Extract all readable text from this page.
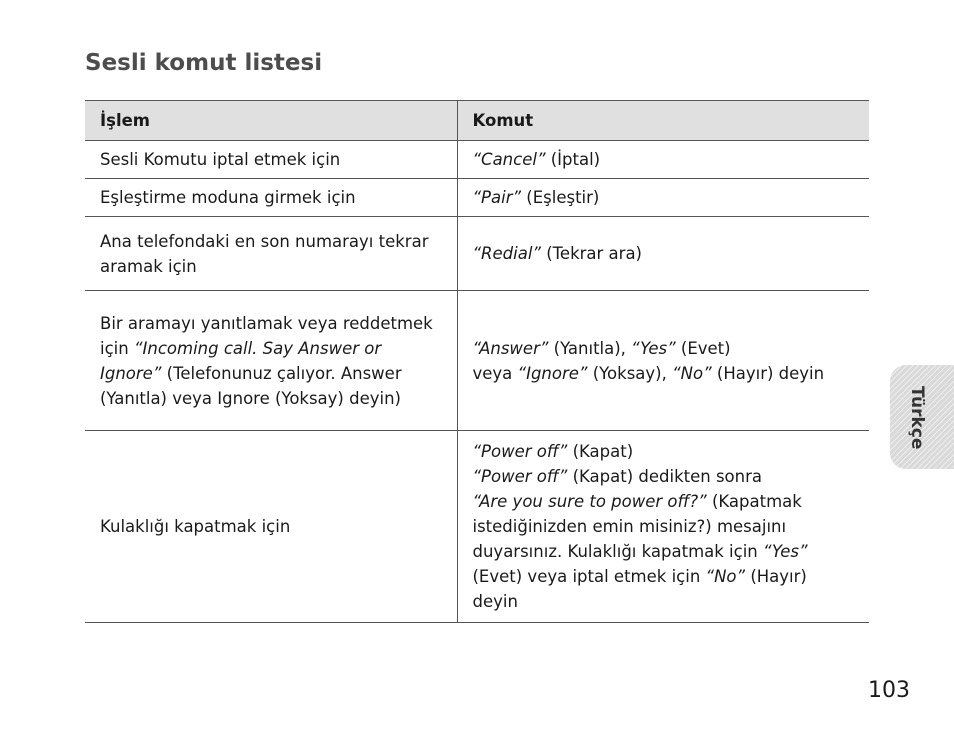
Sesli komut listesi
İşlem	Komut
Sesli Komutu iptal etmek için	“Cancel” (İptal)

Eşleştirme moduna girmek için	“Pair” (Eşleştir)

Ana telefondaki en son numarayı tekrar aramak için	“Redial” (Tekrar ara)

Bir aramayı yanıtlamak veya reddetmek için “Incoming call. Say Answer or Ignore” (Telefonunuz çalıyor. Answer (Yanıtla) veya Ignore (Yoksay) deyin)	“Answer” (Yanıtla), “Yes” (Evet)
veya “Ignore” (Yoksay), “No” (Hayır) deyin

Kulaklığı kapatmak için	“Power off” (Kapat)
“Power off” (Kapat) dedikten sonra
“Are you sure to power off?” (Kapatmak istediğinizden emin misiniz?) mesajını duyarsınız. Kulaklığı kapatmak için “Yes” (Evet) veya iptal etmek için “No” (Hayır) deyin
Türkçe
103
